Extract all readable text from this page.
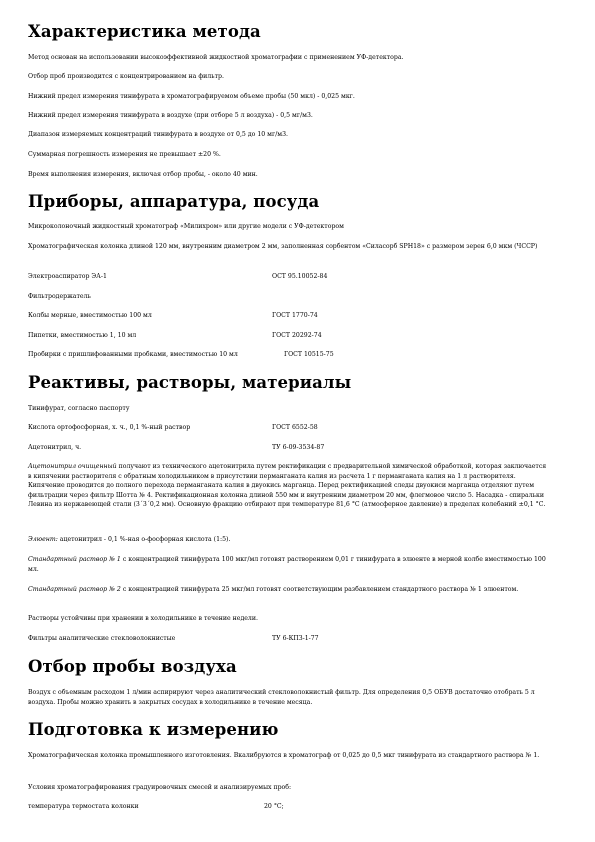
Характеристика метода

Метод основан на использовании высокоэффективной жидкостной хроматографии с применением УФ-детектора.

Отбор проб производится с концентрированием на фильтр.

Нижний предел измерения тинифурата в хроматографируемом объеме пробы (50 мкл) - 0,025 мкг.

Нижний предел измерения тинифурата в воздухе (при отборе 5 л воздуха) - 0,5 мг/м3.

Диапазон измеряемых концентраций тинифурата в воздухе от 0,5 до 10 мг/м3.

Суммарная погрешность измерения не превышает ±20 %.

Время выполнения измерения, включая отбор пробы, - около 40 мин.

Приборы, аппаратура, посуда

Микроколоночный жидкостный хроматограф «Милихром» или другие модели с УФ-детектором

Хроматографическая колонка длиной 120 мм, внутренним диаметром 2 мм, заполненная сорбентом «Силасорб SPH18» с размером зерен 6,0 мкм (ЧССР)

Электроаспиратор ЭА-1	ОСТ 95.10052-84
Фильтродержатель
Колбы мерные, вместимостью 100 мл	ГОСТ 1770-74
Пипетки, вместимостью 1, 10 мл	ГОСТ 20292-74
Пробирки с пришлифованными пробками, вместимостью 10 мл	ГОСТ 10515-75
Реактивы, растворы, материалы

Тинифурат, согласно паспорту

Кислота ортофосфорная, х. ч., 0,1 %-ный раствор	ГОСТ 6552-58
Ацетонитрил, ч.	ТУ 6-09-3534-87

Ацетонитрил очищенный получают из технического ацетонитрила путем ректификации с предварительной химической обработкой, которая заключается в кипячении растворителя с обратным холодильником в присутствии перманганата калия из расчета 1 г перманганата калия на 1 л растворителя. Кипячение проводится до полного перехода перманганата калия в двуокись марганца. Перед ректификацией следы двуокиси марганца отделяют путем фильтрации через фильтр Шотта № 4. Ректификационная колонна длиной 550 мм и внутренним диаметром 20 мм, флегмовое число 5. Насадка - спиральки Левина из нержавеющей стали (3´3´0,2 мм). Основную фракцию отбирают при температуре 81,6 °С (атмосферное давление) в пределах колебаний ±0,1 °С.

Элюент: ацетонитрил - 0,1 %-ная о-фосфорная кислота (1:5).

Стандартный раствор № 1 с концентрацией тинифурата 100 мкг/мл готовят растворением 0,01 г тинифурата в элюенте в мерной колбе вместимостью 100 мл.

Стандартный раствор № 2 с концентрацией тинифурата 25 мкг/мл готовят соответствующим разбавлением стандартного раствора № 1 элюентом.

Растворы устойчивы при хранении в холодильнике в течение недели.

Фильтры аналитические стекловолокнистые	ТУ 6-КПЗ-1-77
Отбор пробы воздуха

Воздух с объемным расходом 1 л/мин аспирируют через аналитический стекловолокнистый фильтр. Для определения 0,5 ОБУВ достаточно отобрать 5 л воздуха. Пробы можно хранить в закрытых сосудах в холодильнике в течение месяца.

Подготовка к измерению

Хроматографическая колонка промышленного изготовления. Вкалибруются в хроматограф от 0,025 до 0,5 мкг тинифурата из стандартного раствора № 1.

Условия хроматографирования градуировочных смесей и анализируемых проб:

температура термостата колонки	20 °С;
